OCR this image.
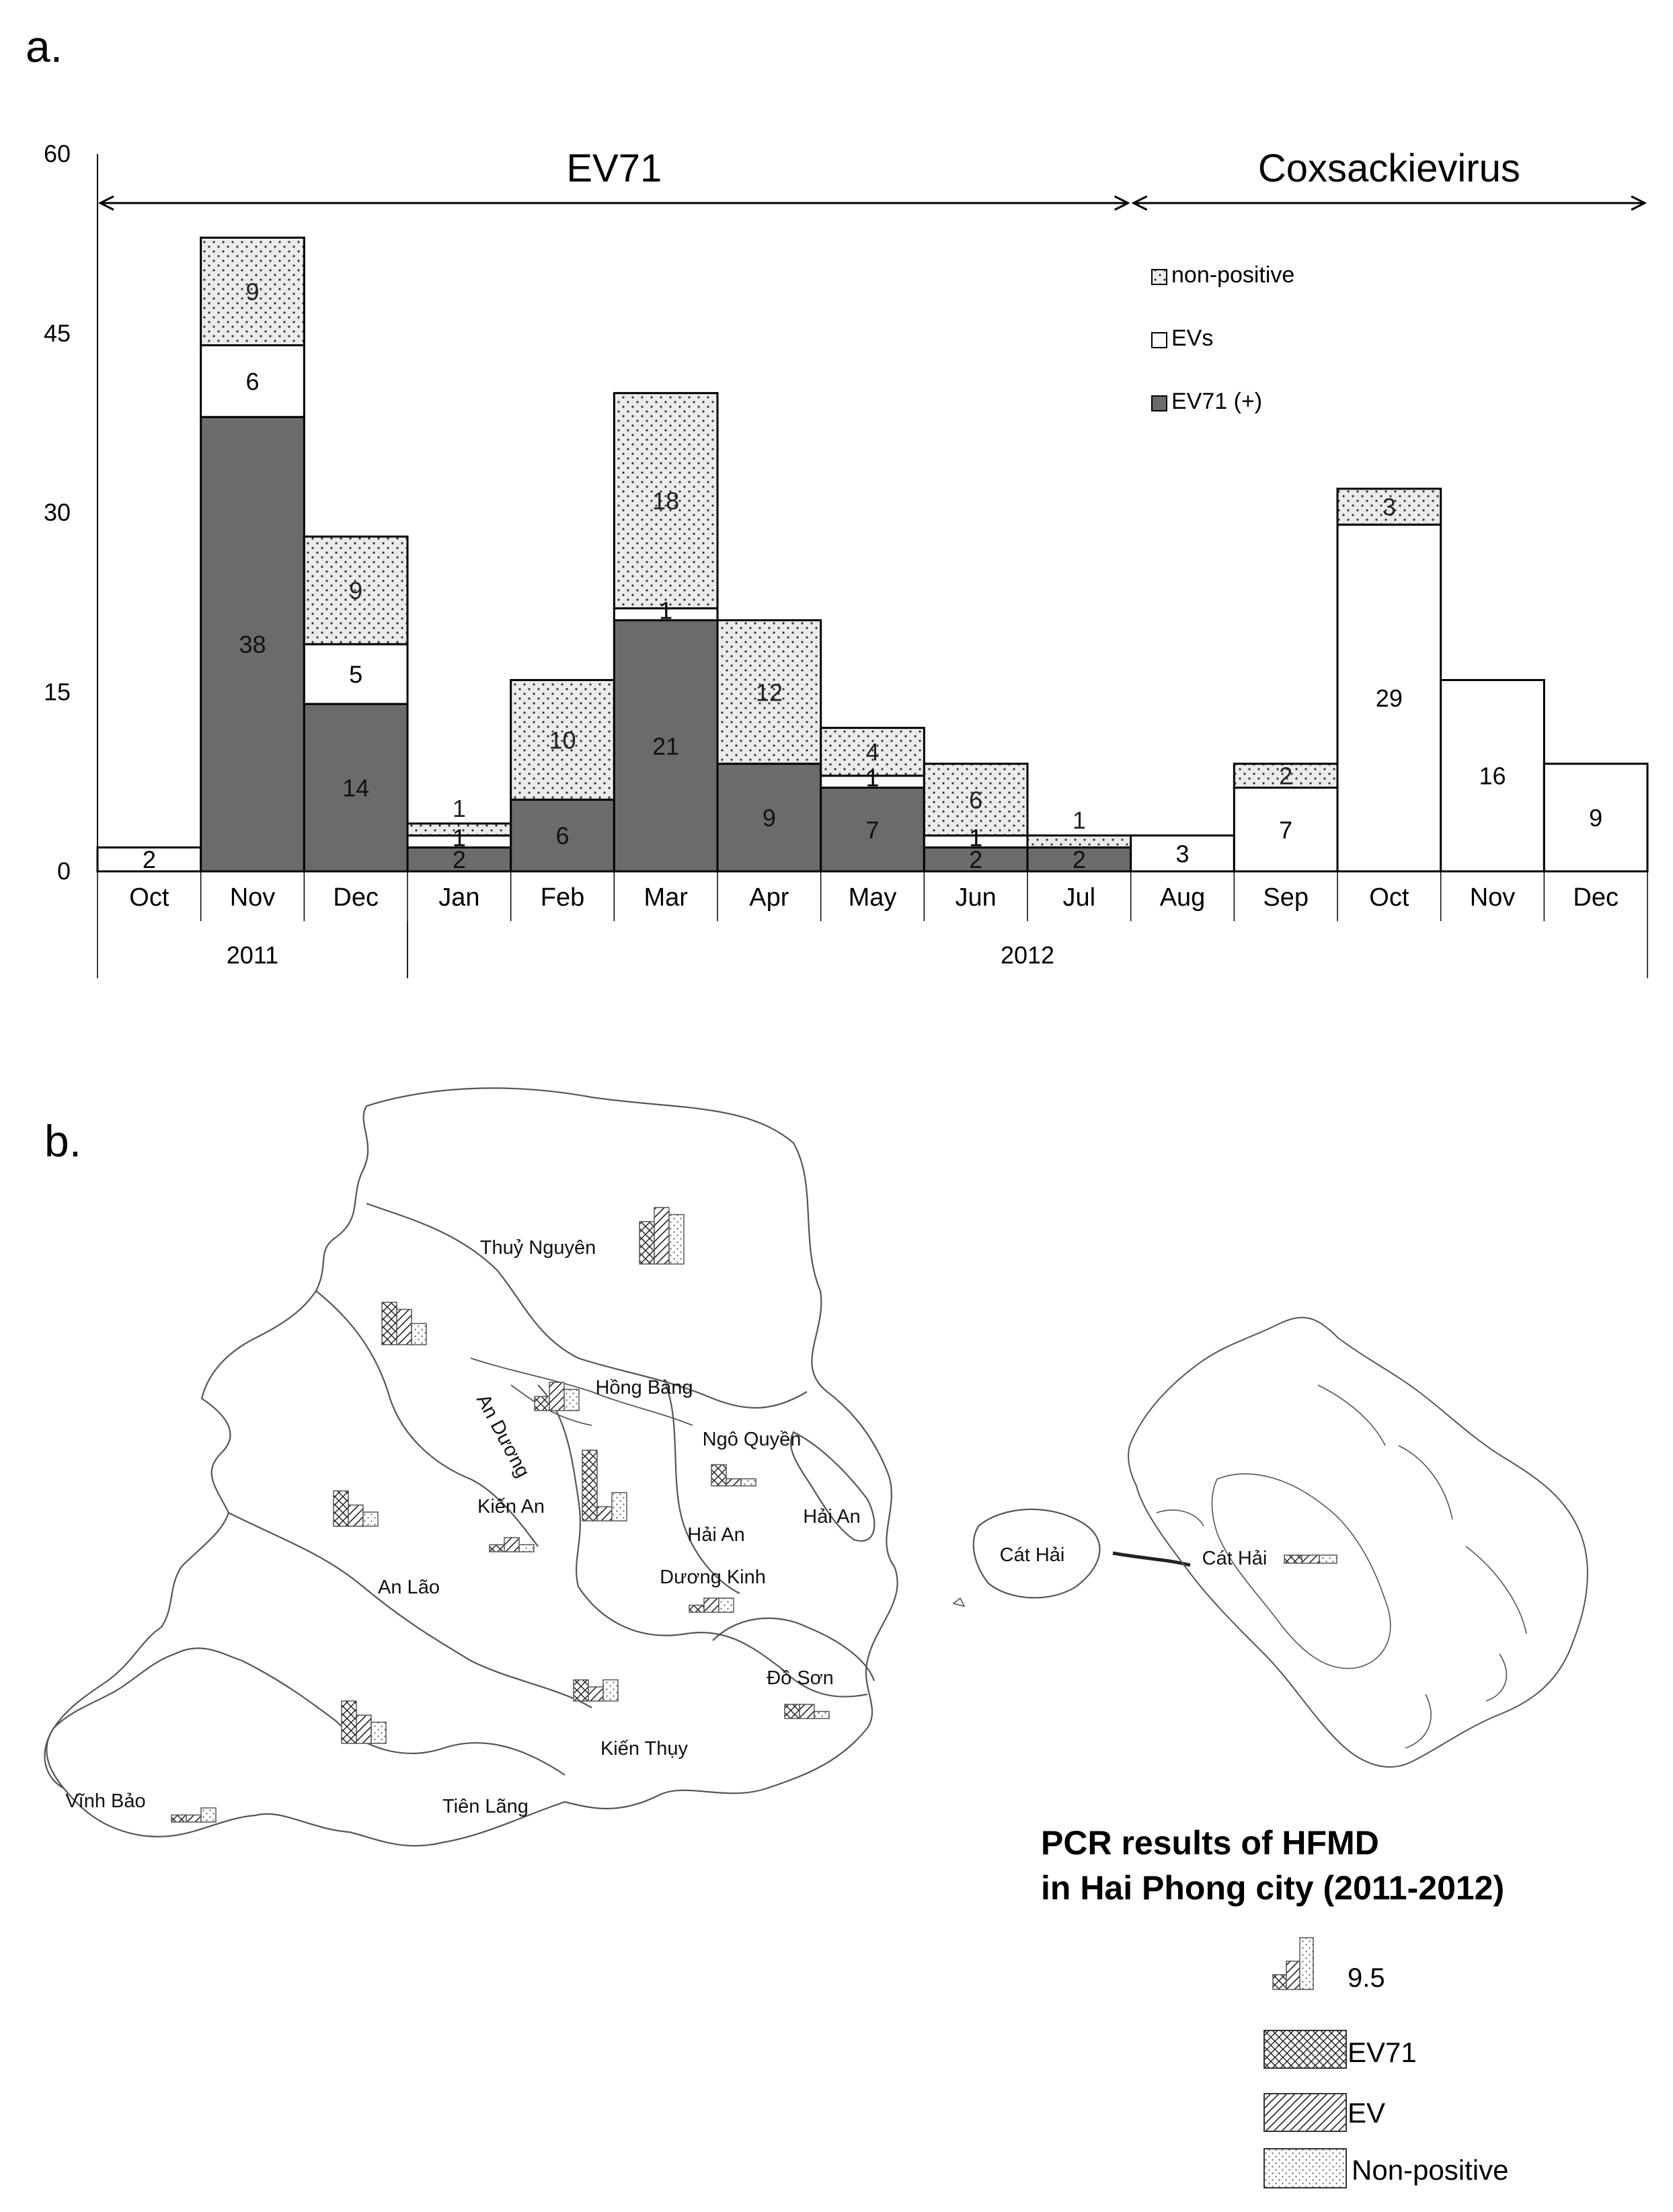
a.
b.
0
15
30
45
60	EV71	Coxsackievirus
2
38
6
9
14
5
9
2
1
1
6
10	21
1
18
9
12
7
1
4
2
1
6
2
1
3
7
2
29
3
16
9
Oct Nov Dec Jan Feb Mar Apr May Jun	Jul	Aug Sep Oct Nov Dec
2011	2012
non-positive
EVs
EV71 (+)
Thuỷ Nguyên
Hồng Bàng
Ngô Quyền
An Dương
Kiến An
Hải An
Hải An
An Lão	Dương Kinh
Kiến Thụy
Đồ Sơn
Tiên Lãng
Vĩnh Bảo
Cát Hải	Cát Hải
PCR results of HFMD
in Hai Phong city (2011-2012)
9.5
EV71
EV
Non-positive
